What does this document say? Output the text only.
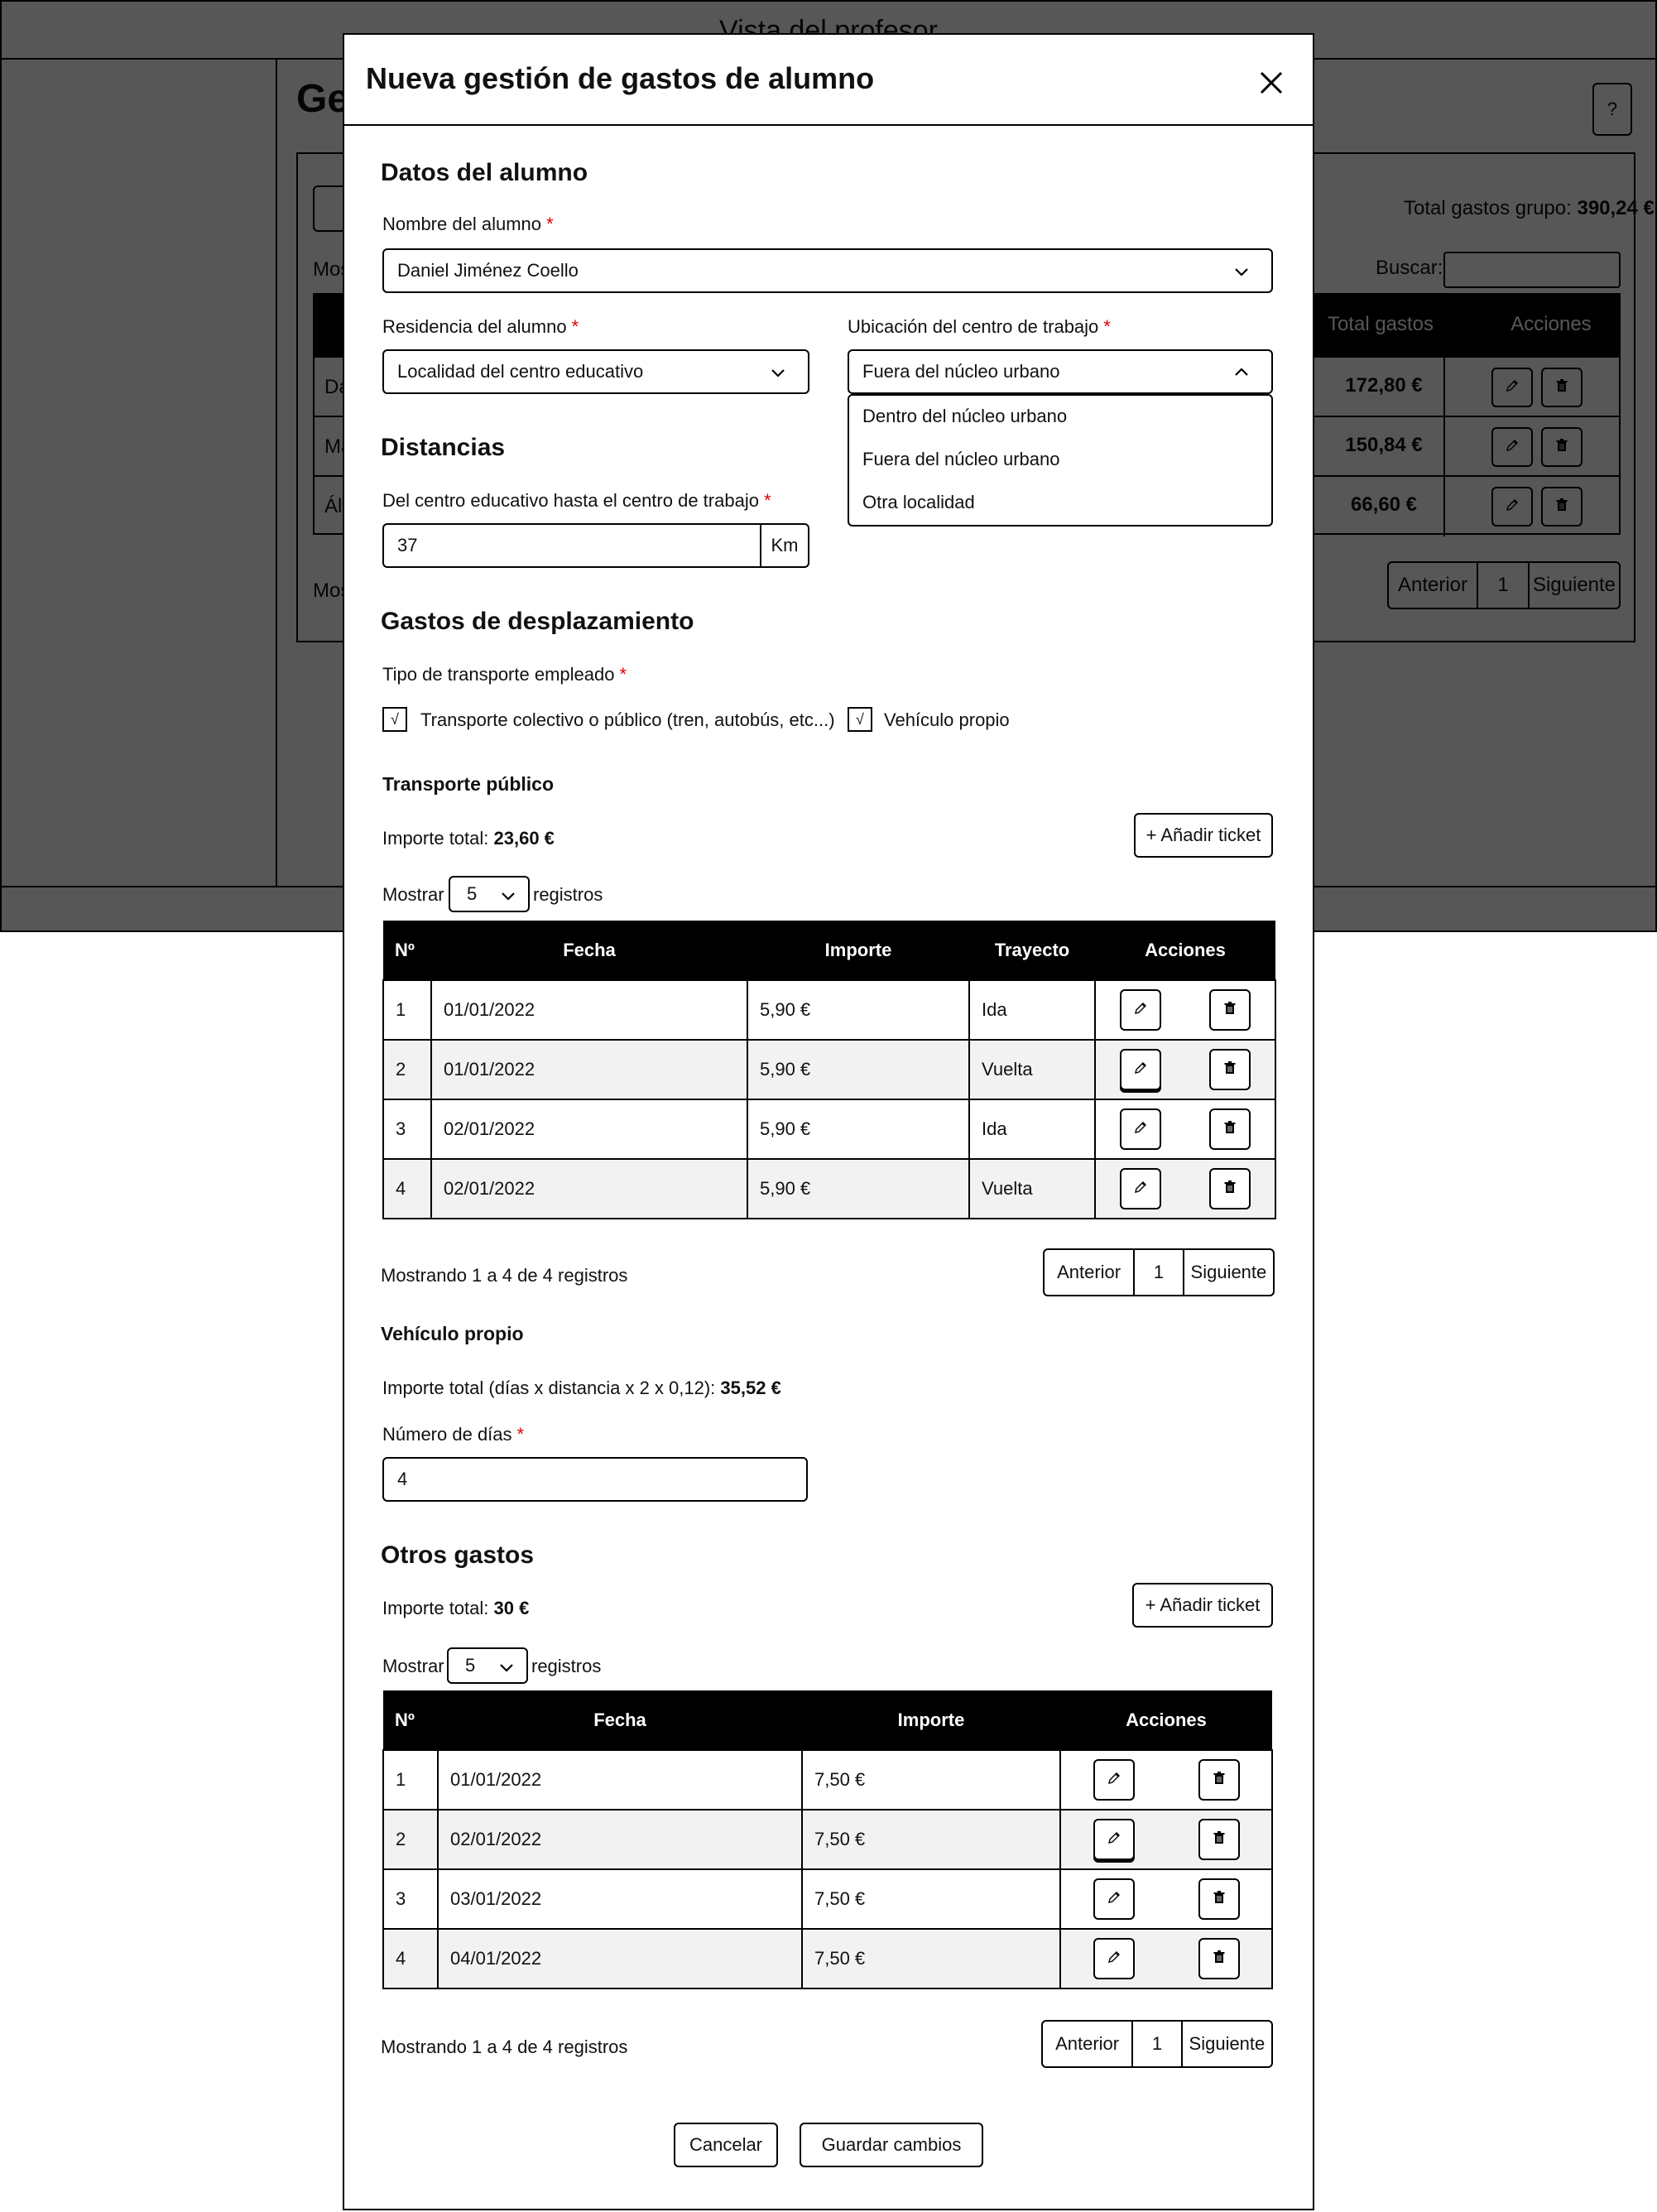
Nueva gestión de gastos de alumno
Datos del alumno
Nombre del alumno *
Daniel Jiménez Coello
Residencia del alumno *
Localidad del centro educativo
Ubicación del centro de trabajo *
Fuera del núcleo urbano
Distancias
Del centro educativo hasta el centro de trabajo *
37	Km
Gastos de desplazamiento
Tipo de transporte empleado *
√	Transporte colectivo o público (tren, autobús, etc...)	√	Vehículo propio
Transporte público
Importe total: 23,60 €	+ Añadir ticket
Mostrar 5	registros
Nº	Fecha	Importe	Trayecto	Acciones
1	01/01/2022	5,90 €	Ida	

2	01/01/2022	5,90 €	Vuelta	

3	02/01/2022	5,90 €	Ida	

4	02/01/2022	5,90 €	Vuelta	
Mostrando 1 a 4 de 4 registros	Anterior	1	Siguiente
Vehículo propio
Importe total (días x distancia x 2 x 0,12): 35,52 €
Número de días *
4
Otros gastos
Importe total: 30 €	+ Añadir ticket
Mostrar 5	registros
Nº	Fecha	Importe	Acciones
1	01/01/2022	7,50 €	

2	02/01/2022	7,50 €	

3	03/01/2022	7,50 €	

4	04/01/2022	7,50 €	
Mostrando 1 a 4 de 4 registros	Anterior	1	Siguiente
Cancelar	Guardar cambios
Dentro del núcleo urbano
Fuera del núcleo urbano
Otra localidad
